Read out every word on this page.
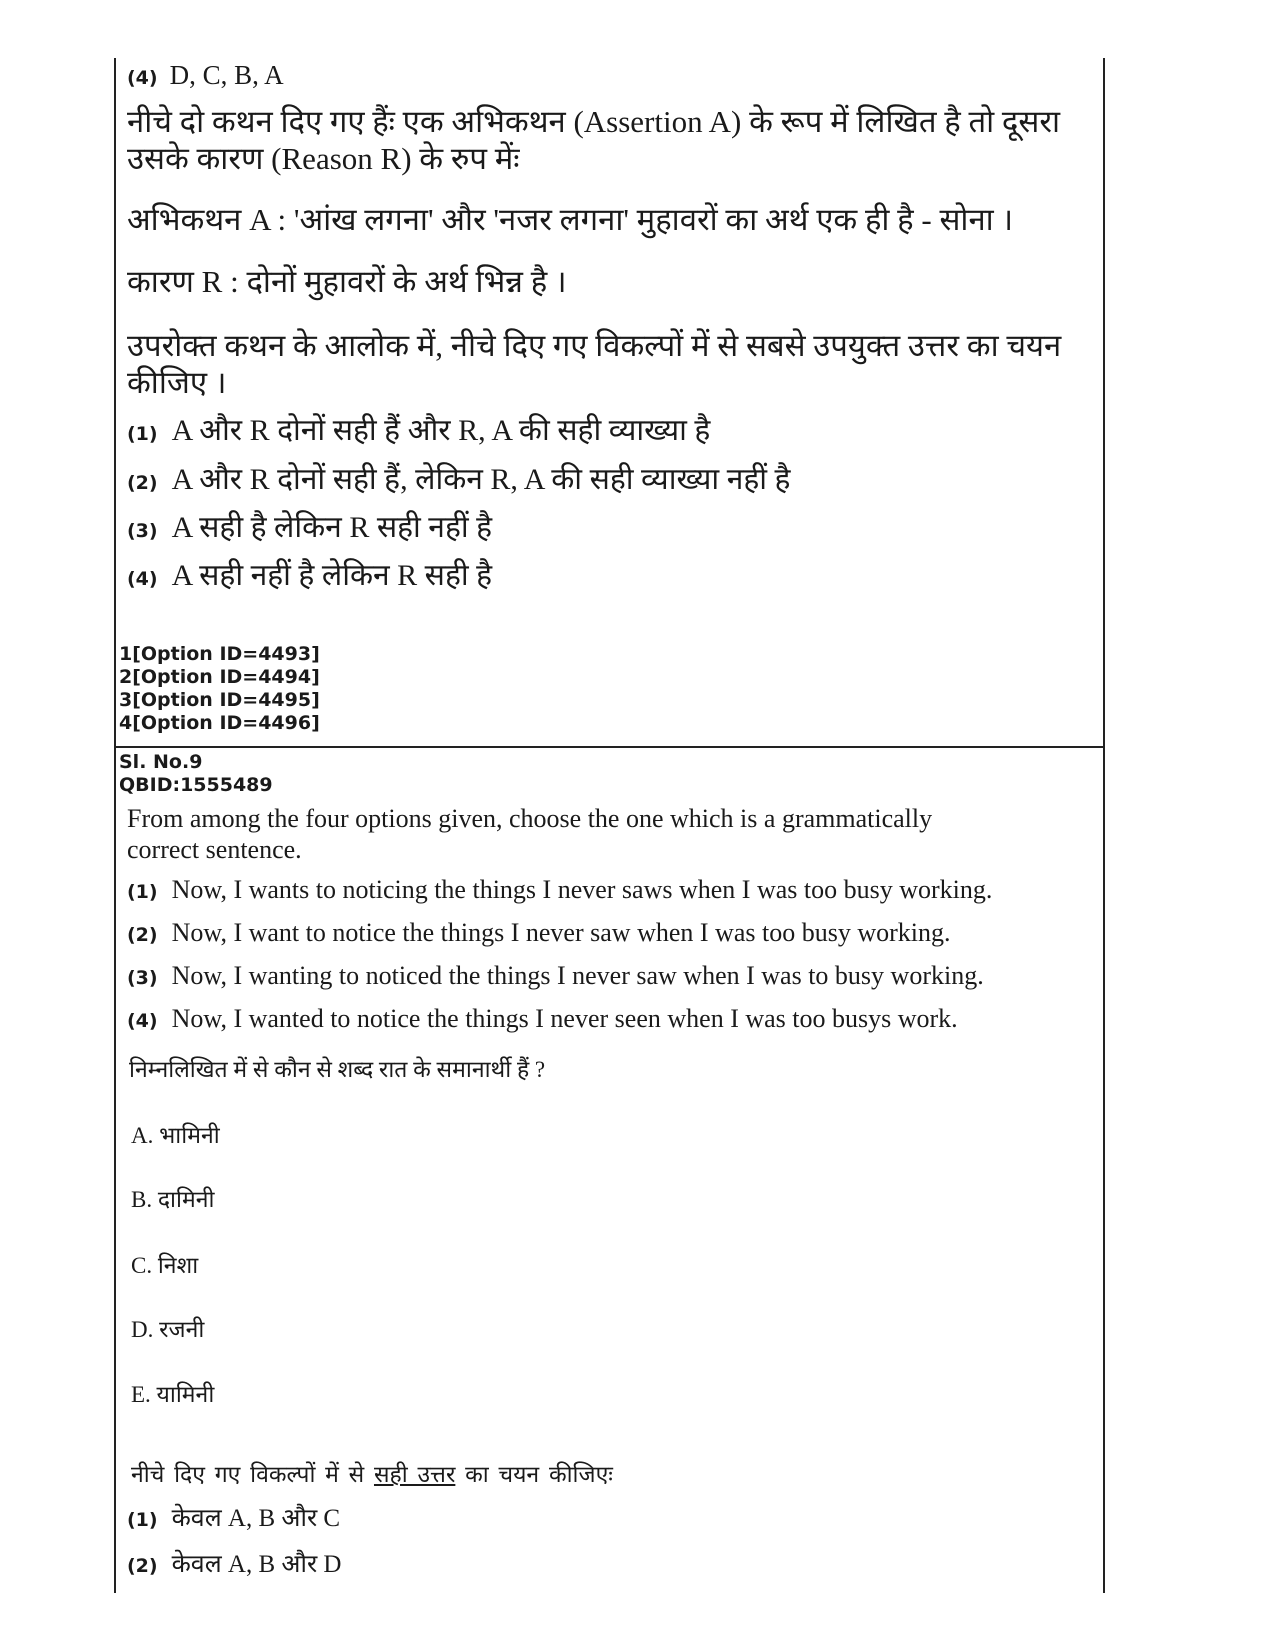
(4) D, C, B, A
नीचे दो कथन दिए गए हैंः एक अभिकथन (Assertion A) के रूप में लिखित है तो दूसरा
उसके कारण (Reason R) के रुप मेंः
अभिकथन A : 'आंख लगना' और 'नजर लगना' मुहावरों का अर्थ एक ही है - सोना ।
कारण R : दोनों मुहावरों के अर्थ भिन्न है ।
उपरोक्त कथन के आलोक में, नीचे दिए गए विकल्पों में से सबसे उपयुक्त उत्तर का चयन
कीजिए ।
(1) A और R दोनों सही हैं और R, A की सही व्याख्या है
(2) A और R दोनों सही हैं, लेकिन R, A की सही व्याख्या नहीं है
(3) A सही है लेकिन R सही नहीं है
(4) A सही नहीं है लेकिन R सही है
1[Option ID=4493]
2[Option ID=4494]
3[Option ID=4495]
4[Option ID=4496]
Sl. No.9
QBID:1555489
From among the four options given, choose the one which is a grammatically
correct sentence.
(1) Now, I wants to noticing the things I never saws when I was too busy working.
(2) Now, I want to notice the things I never saw when I was too busy working.
(3) Now, I wanting to noticed the things I never saw when I was to busy working.
(4) Now, I wanted to notice the things I never seen when I was too busys work.
निम्नलिखित में से कौन से शब्द रात के समानार्थी हैं ?
A. भामिनी
B. दामिनी
C. निशा
D. रजनी
E. यामिनी
नीचे दिए गए विकल्पों में से सही उत्तर का चयन कीजिएः
(1) केवल A, B और C
(2) केवल A, B और D
